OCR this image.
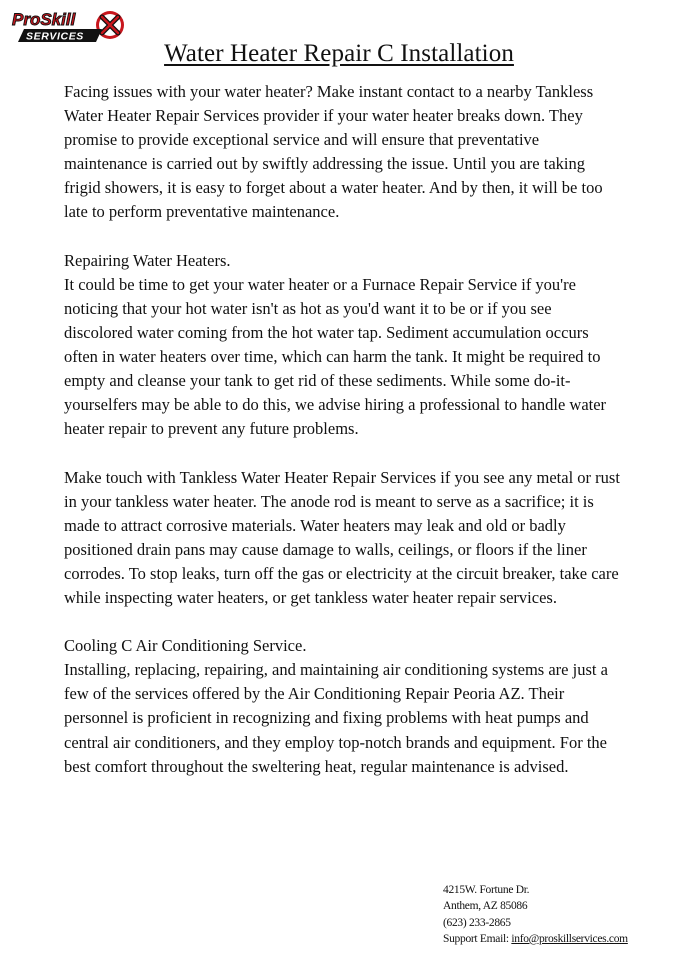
ProSkill
SERVICES
Water Heater Repair C Installation

Facing issues with your water heater? Make instant contact to a nearby Tankless Water Heater Repair Services provider if your water heater breaks down. They promise to provide exceptional service and will ensure that preventative maintenance is carried out by swiftly addressing the issue. Until you are taking frigid showers, it is easy to forget about a water heater. And by then, it will be too late to perform preventative maintenance.

Repairing Water Heaters.
It could be time to get your water heater or a Furnace Repair Service if you're noticing that your hot water isn't as hot as you'd want it to be or if you see discolored water coming from the hot water tap. Sediment accumulation occurs often in water heaters over time, which can harm the tank. It might be required to empty and cleanse your tank to get rid of these sediments. While some do-it-yourselfers may be able to do this, we advise hiring a professional to handle water heater repair to prevent any future problems.

Make touch with Tankless Water Heater Repair Services if you see any metal or rust in your tankless water heater. The anode rod is meant to serve as a sacrifice; it is made to attract corrosive materials. Water heaters may leak and old or badly positioned drain pans may cause damage to walls, ceilings, or floors if the liner corrodes. To stop leaks, turn off the gas or electricity at the circuit breaker, take care while inspecting water heaters, or get tankless water heater repair services.

Cooling C Air Conditioning Service.
Installing, replacing, repairing, and maintaining air conditioning systems are just a few of the services offered by the Air Conditioning Repair Peoria AZ. Their personnel is proficient in recognizing and fixing problems with heat pumps and central air conditioners, and they employ top-notch brands and equipment. For the best comfort throughout the sweltering heat, regular maintenance is advised.

4215W. Fortune Dr.
Anthem, AZ 85086
(623) 233-2865
Support Email: info@proskillservices.com
